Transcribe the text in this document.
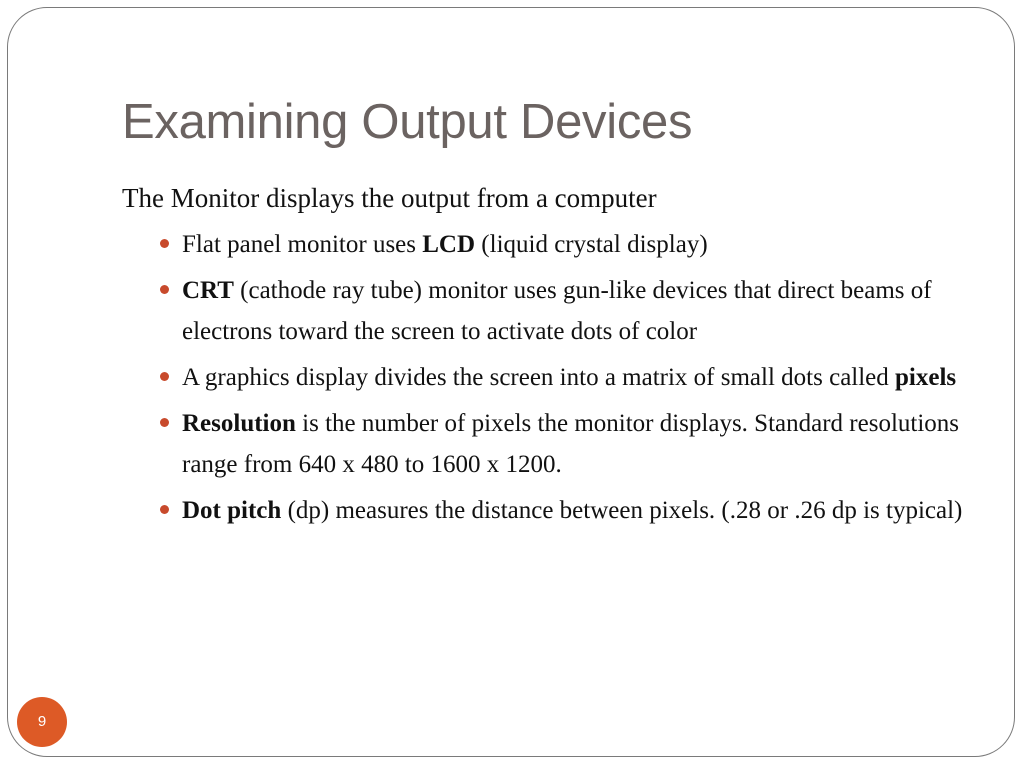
Examining Output Devices

The Monitor displays the output from a computer

Flat panel monitor uses LCD (liquid crystal display)
CRT (cathode ray tube) monitor uses gun-like devices that direct beams of electrons toward the screen to activate dots of color
A graphics display divides the screen into a matrix of small dots called pixels
Resolution is the number of pixels the monitor displays. Standard resolutions range from 640 x 480 to 1600 x 1200.
Dot pitch (dp) measures the distance between pixels. (.28 or .26 dp is typical)
9
